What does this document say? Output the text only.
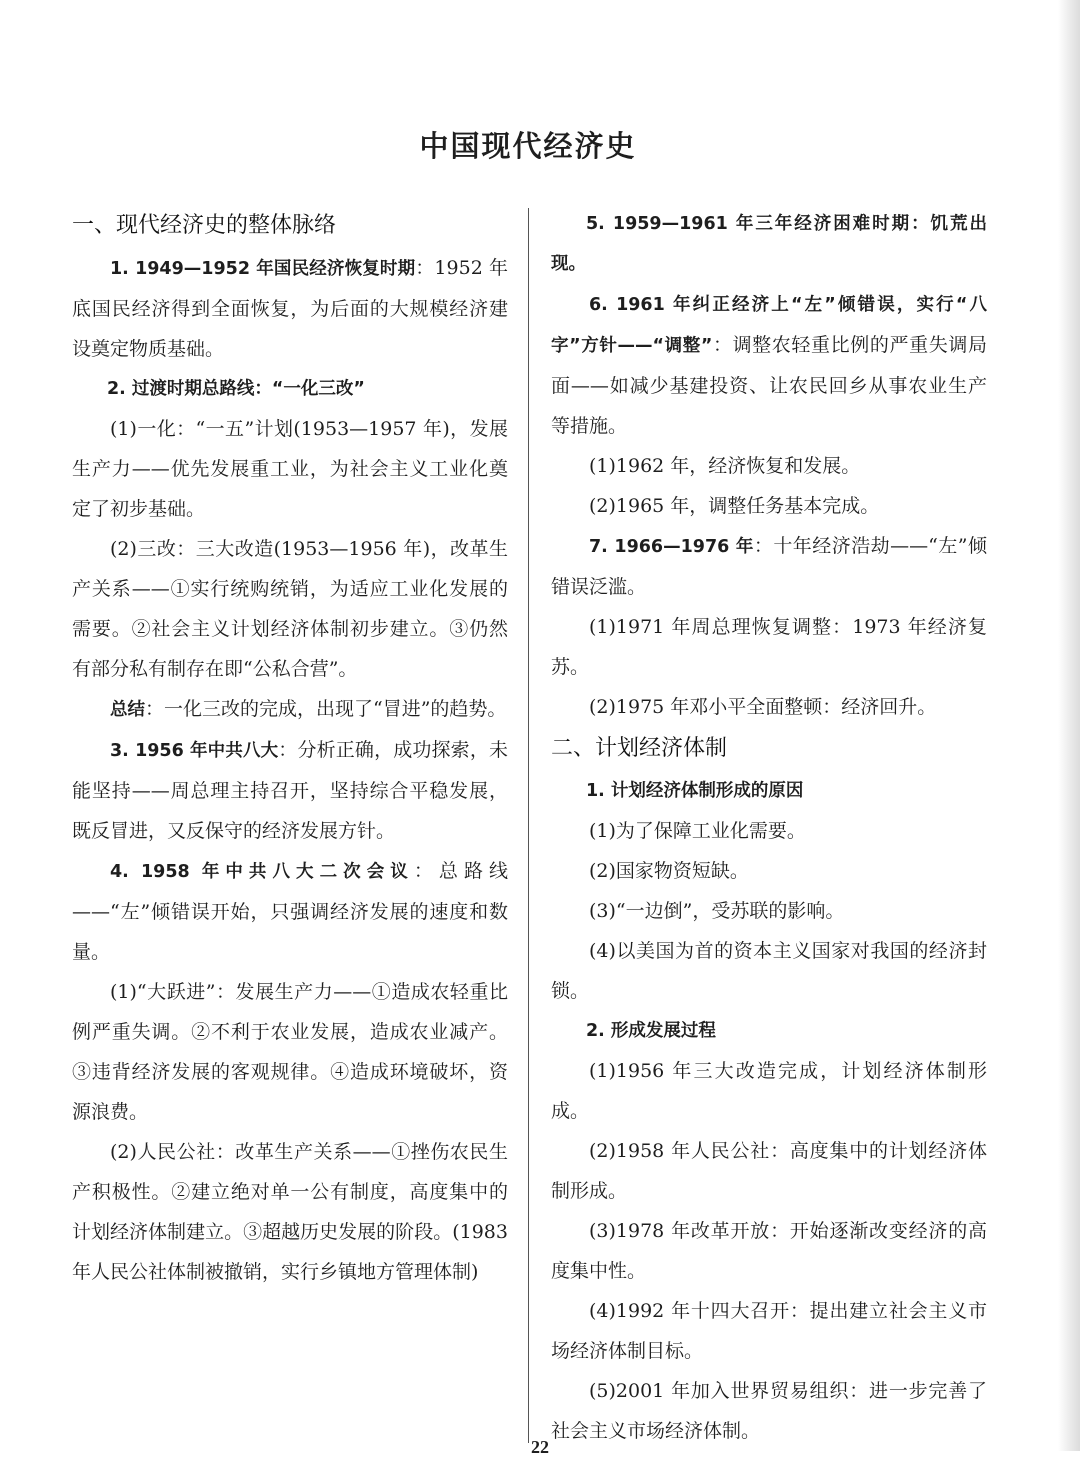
中国现代经济史
一、现代经济史的整体脉络

1. 1949—1952 年国民经济恢复时期：1952 年底国民经济得到全面恢复，为后面的大规模经济建设奠定物质基础。

2. 过渡时期总路线：“一化三改”

(1)一化：“一五”计划(1953—1957 年)，发展生产力——优先发展重工业，为社会主义工业化奠定了初步基础。

(2)三改：三大改造(1953—1956 年)，改革生产关系——①实行统购统销，为适应工业化发展的需要。②社会主义计划经济体制初步建立。③仍然有部分私有制存在即“公私合营”。

总结：一化三改的完成，出现了“冒进”的趋势。

3. 1956 年中共八大：分析正确，成功探索，未能坚持——周总理主持召开，坚持综合平稳发展，既反冒进，又反保守的经济发展方针。

4. 1958 年中共八大二次会议：总路线——“左”倾错误开始，只强调经济发展的速度和数量。

(1)“大跃进”：发展生产力——①造成农轻重比例严重失调。②不利于农业发展，造成农业减产。③违背经济发展的客观规律。④造成环境破坏，资源浪费。

(2)人民公社：改革生产关系——①挫伤农民生产积极性。②建立绝对单一公有制度，高度集中的计划经济体制建立。③超越历史发展的阶段。(1983 年人民公社体制被撤销，实行乡镇地方管理体制)

5. 1959—1961 年三年经济困难时期：饥荒出现。

6. 1961 年纠正经济上“左”倾错误，实行“八字”方针——“调整”：调整农轻重比例的严重失调局面——如减少基建投资、让农民回乡从事农业生产等措施。

(1)1962 年，经济恢复和发展。

(2)1965 年，调整任务基本完成。

7. 1966—1976 年：十年经济浩劫——“左”倾错误泛滥。

(1)1971 年周总理恢复调整：1973 年经济复苏。

(2)1975 年邓小平全面整顿：经济回升。

二、计划经济体制
1. 计划经济体制形成的原因

(1)为了保障工业化需要。

(2)国家物资短缺。

(3)“一边倒”，受苏联的影响。

(4)以美国为首的资本主义国家对我国的经济封锁。

2. 形成发展过程

(1)1956 年三大改造完成，计划经济体制形成。

(2)1958 年人民公社：高度集中的计划经济体制形成。

(3)1978 年改革开放：开始逐渐改变经济的高度集中性。

(4)1992 年十四大召开：提出建立社会主义市场经济体制目标。

(5)2001 年加入世界贸易组织：进一步完善了社会主义市场经济体制。

22
